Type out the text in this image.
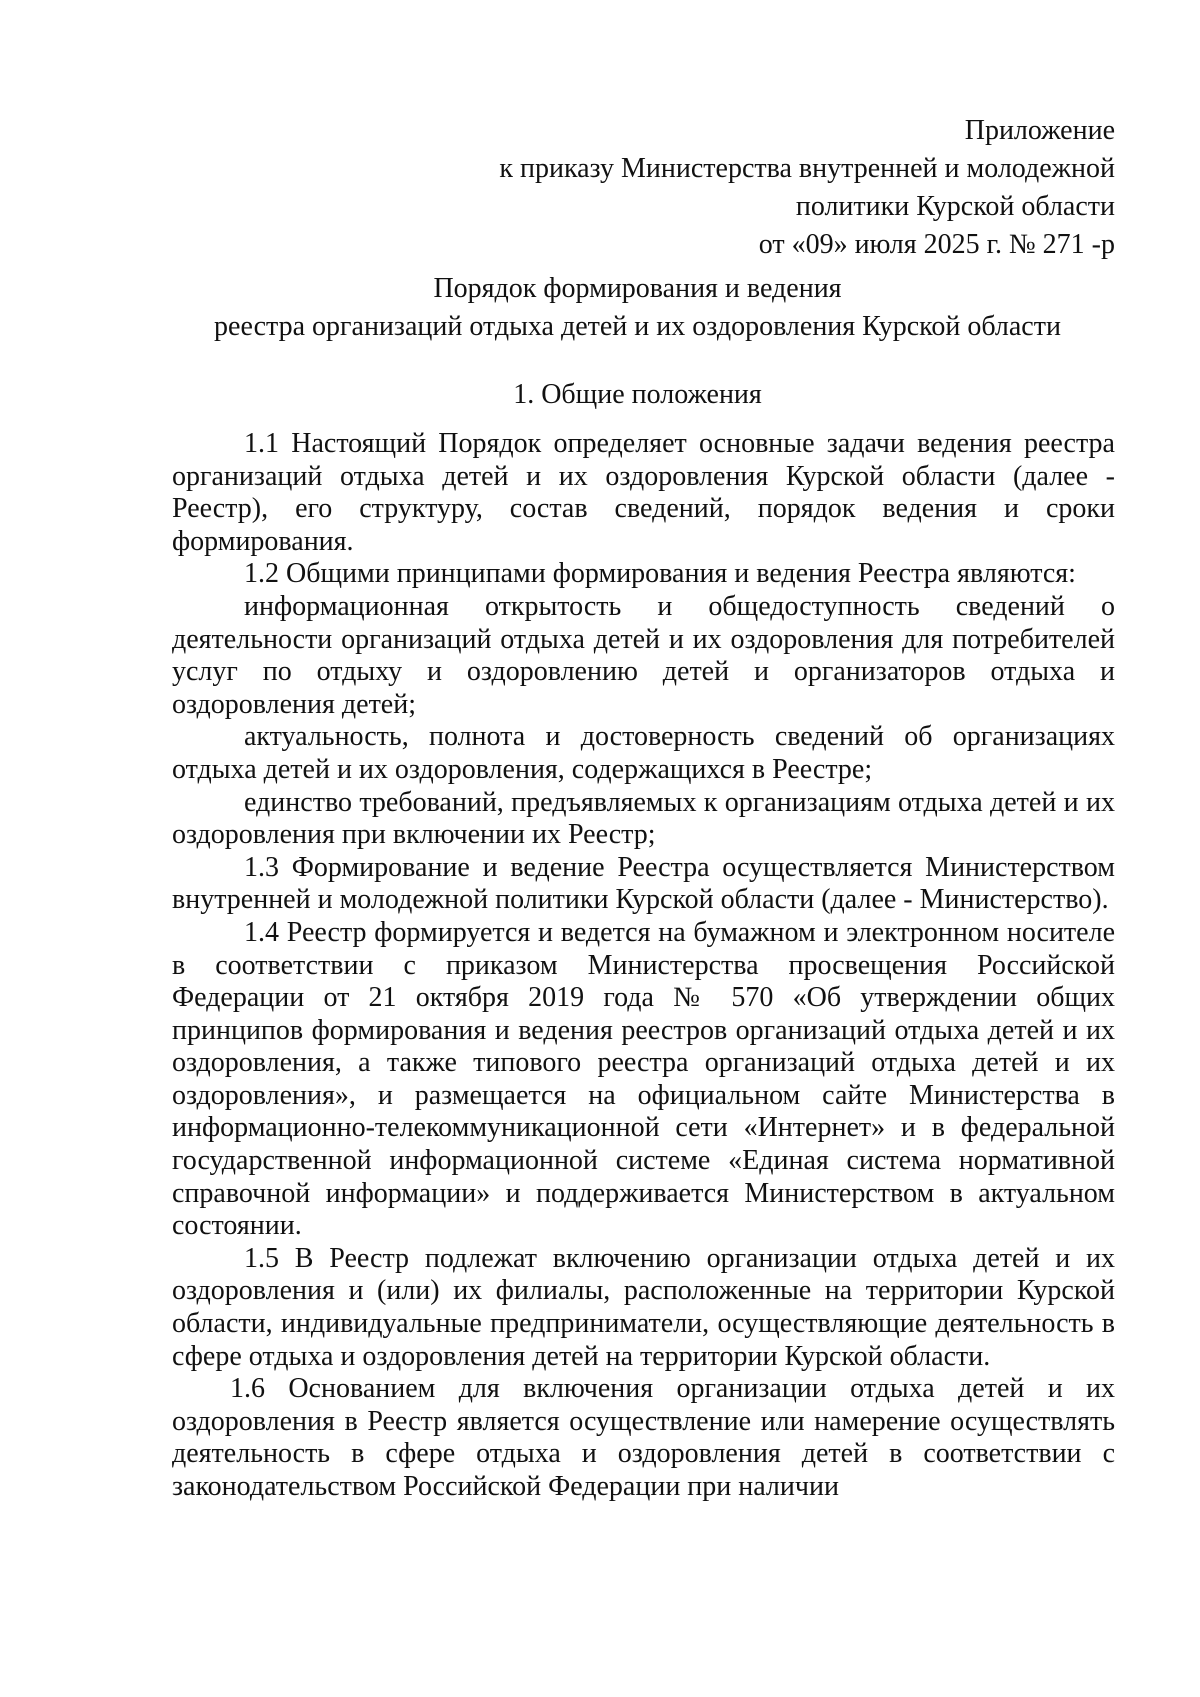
Приложение
к приказу Министерства внутренней и молодежной
политики Курской области
от «09» июля 2025 г. № 271 -р
Порядок формирования и ведения
реестра организаций отдыха детей и их оздоровления Курской области
1. Общие положения

1.1 Настоящий Порядок определяет основные задачи ведения реестра организаций отдыха детей и их оздоровления Курской области (далее - Реестр), его структуру, состав сведений, порядок ведения и сроки формирования.

1.2 Общими принципами формирования и ведения Реестра являются:

информационная открытость и общедоступность сведений о деятельности организаций отдыха детей и их оздоровления для потребителей услуг по отдыху и оздоровлению детей и организаторов отдыха и оздоровления детей;

актуальность, полнота и достоверность сведений об организациях отдыха детей и их оздоровления, содержащихся в Реестре;

единство требований, предъявляемых к организациям отдыха детей и их оздоровления при включении их Реестр;

1.3 Формирование и ведение Реестра осуществляется Министерством внутренней и молодежной политики Курской области (далее - Министерство).

1.4 Реестр формируется и ведется на бумажном и электронном носителе в соответствии с приказом Министерства просвещения Российской Федерации от 21 октября 2019 года № 570 «Об утверждении общих принципов формирования и ведения реестров организаций отдыха детей и их оздоровления, а также типового реестра организаций отдыха детей и их оздоровления», и размещается на официальном сайте Министерства в информационно-телекоммуникационной сети «Интернет» и в федеральной государственной информационной системе «Единая система нормативной справочной информации» и поддерживается Министерством в актуальном состоянии.

1.5 В Реестр подлежат включению организации отдыха детей и их оздоровления и (или) их филиалы, расположенные на территории Курской области, индивидуальные предприниматели, осуществляющие деятельность в сфере отдыха и оздоровления детей на территории Курской области.

1.6 Основанием для включения организации отдыха детей и их оздоровления в Реестр является осуществление или намерение осуществлять деятельность в сфере отдыха и оздоровления детей в соответствии с законодательством Российской Федерации при наличии
